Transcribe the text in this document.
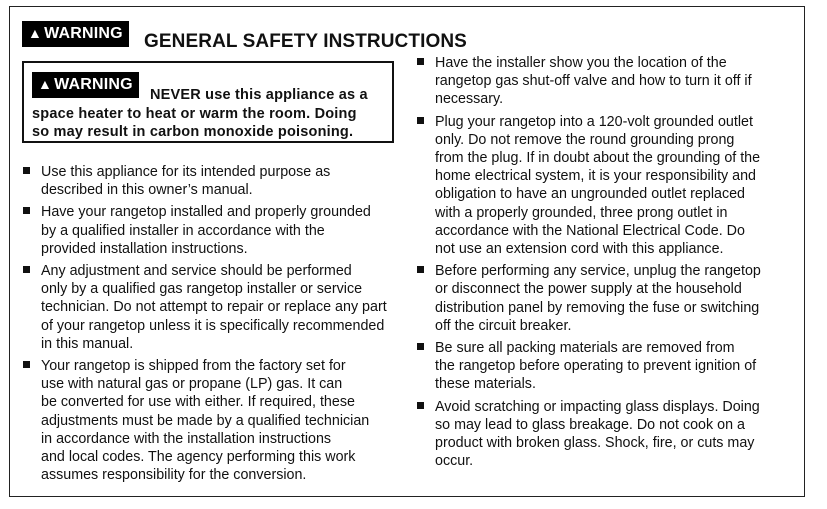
▲ WARNING	GENERAL SAFETY INSTRUCTIONS
▲ WARNING
NEVER use this appliance as a
space heater to heat or warm the room. Doing
so may result in carbon monoxide poisoning.
Use this appliance for its intended purpose as
described in this owner’s manual.
Have your rangetop installed and properly grounded
by a qualified installer in accordance with the
provided installation instructions.
Any adjustment and service should be performed
only by a qualified gas rangetop installer or service
technician. Do not attempt to repair or replace any part
of your rangetop unless it is specifically recommended
in this manual.
Your rangetop is shipped from the factory set for
use with natural gas or propane (LP) gas. It can
be converted for use with either. If required, these
adjustments must be made by a qualified technician
in accordance with the installation instructions
and local codes. The agency performing this work
assumes responsibility for the conversion.
Have the installer show you the location of the
rangetop gas shut-off valve and how to turn it off if
necessary.
Plug your rangetop into a 120-volt grounded outlet
only. Do not remove the round grounding prong
from the plug. If in doubt about the grounding of the
home electrical system, it is your responsibility and
obligation to have an ungrounded outlet replaced
with a properly grounded, three prong outlet in
accordance with the National Electrical Code. Do
not use an extension cord with this appliance.
Before performing any service, unplug the rangetop
or disconnect the power supply at the household
distribution panel by removing the fuse or switching
off the circuit breaker.
Be sure all packing materials are removed from
the rangetop before operating to prevent ignition of
these materials.
Avoid scratching or impacting glass displays. Doing
so may lead to glass breakage. Do not cook on a
product with broken glass. Shock, fire, or cuts may
occur.
